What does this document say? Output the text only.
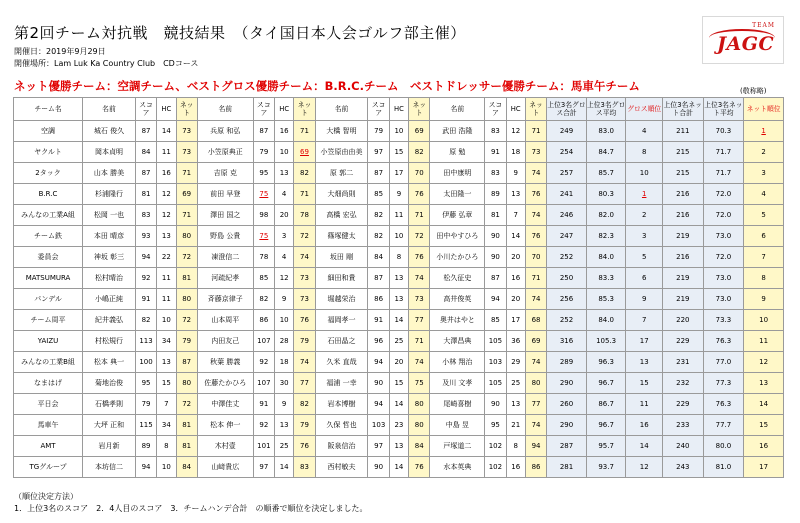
第2回チーム対抗戦　競技結果　（タイ国日本人会ゴルフ部主催）
開催日：2019年9月29日
開催場所：Lam Luk Ka Country Club　CDコース
ネット優勝チーム：空調チーム、ベストグロス優勝チーム：B.R.C.チーム　ベストドレッサー優勝チーム：馬車午チーム	(敬称略)
TEAM
JAGC
チーム名	名前	スコア	HC	ネット	名前	スコア	HC	ネット	名前	スコア	HC	ネット	名前	スコア	HC	ネット	上位3名グロス合計	上位3名グロス平均	グロス順位	上位3名ネット合計	上位3名ネット平均	ネット順位
空調	城石 俊久	87	14	73	兵原 和弘	87	16	71	大橋 智明	79	10	69	武田 浩隆	83	12	71	249	83.0	4	211	70.3	1
ヤクルト	岡本貞明	84	11	73	小笠原典正	79	10	69	小笠原由由美	97	15	82	原 勉	91	18	73	254	84.7	8	215	71.7	2
2タック	山本 勝美	87	16	71	吉原 克	95	13	82	原 郭二	87	17	70	田中康明	83	9	74	257	85.7	10	215	71.7	3
B.R.C	杉浦隆行	81	12	69	前田 早登	75	4	71	大畑尚則	85	9	76	太田隆一	89	13	76	241	80.3	1	216	72.0	4
みんなの工業A組	松岡 一也	83	12	71	澤田 国之	98	20	78	高橋 宏弘	82	11	71	伊藤 弘章	81	7	74	246	82.0	2	216	72.0	5
チーム鉄	本田 晴彦	93	13	80	野島 公貴	75	3	72	篠塚健太	82	10	72	田中やすひろ	90	14	76	247	82.3	3	219	73.0	6
委員会	神坂 彰三	94	22	72	凍澄信二	78	4	74	坂田 剛	84	8	76	小川たかひろ	90	20	70	252	84.0	5	216	72.0	7
MATSUMURA	松村晴治	92	11	81	河疏紀孝	85	12	73	細田和貴	87	13	74	松久征史	87	16	71	250	83.3	6	219	73.0	8
パンデル	小嶋正純	91	11	80	斉藤京律子	82	9	73	堀越栄治	86	13	73	高井俊英	94	20	74	256	85.3	9	219	73.0	9
チーム周平	紀井義弘	82	10	72	山本周平	86	10	76	福岡孝一	91	14	77	奥井はやと	85	17	68	252	84.0	7	220	73.3	10
YAIZU	村松規行	113	34	79	内田友己	107	28	79	石田晶之	96	25	71	大澤昌典	105	36	69	316	105.3	17	229	76.3	11
みんなの工業B組	松本 典一	100	13	87	秋葉 勝義	92	18	74	久米 直哉	94	20	74	小林 翔治	103	29	74	289	96.3	13	231	77.0	12
なまはげ	菊地治俊	95	15	80	佐藤たかひろ	107	30	77	福浦 一幸	90	15	75	及川 文孝	105	25	80	290	96.7	15	232	77.3	13
平日会	石橋孝則	79	7	72	中澤佳丈	91	9	82	岩本博樹	94	14	80	尾崎喜樹	90	13	77	260	86.7	11	229	76.3	14
馬車午	大坪 正和	115	34	81	松本 伸一	92	13	79	久保 哲也	103	23	80	中島 昱	95	21	74	290	96.7	16	233	77.7	15
AMT	岩月新	89	8	81	木村壹	101	25	76	阪泉信治	97	13	84	戸塚道二	102	8	94	287	95.7	14	240	80.0	16
TGグループ	本坊信二	94	10	84	山﨑貴広	97	14	83	西村敏夫	90	14	76	水本英典	102	16	86	281	93.7	12	243	81.0	17
（順位決定方法）
1．上位3名のスコア　2．4人目のスコア　3．チームハンデ合計　の順番で順位を決定しました。
